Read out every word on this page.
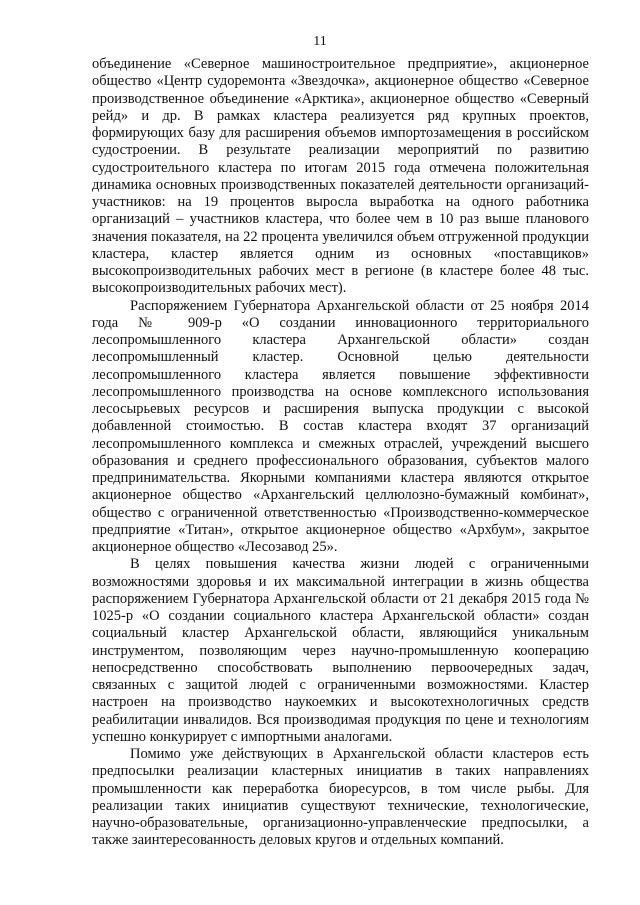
11

объединение «Северное машиностроительное предприятие», акционерное общество «Центр судоремонта «Звездочка», акционерное общество «Северное производственное объединение «Арктика», акционерное общество «Северный рейд» и др. В рамках кластера реализуется ряд крупных проектов, формирующих базу для расширения объемов импортозамещения в российском судостроении. В результате реализации мероприятий по развитию судостроительного кластера по итогам 2015 года отмечена положительная динамика основных производственных показателей деятельности организаций-участников: на 19 процентов выросла выработка на одного работника организаций – участников кластера, что более чем в 10 раз выше планового значения показателя, на 22 процента увеличился объем отгруженной продукции кластера, кластер является одним из основных «поставщиков» высокопроизводительных рабочих мест в регионе (в кластере более 48 тыс. высокопроизводительных рабочих мест).

Распоряжением Губернатора Архангельской области от 25 ноября 2014 года № 909-р «О создании инновационного территориального лесопромышленного кластера Архангельской области» создан лесопромышленный кластер. Основной целью деятельности лесопромышленного кластера является повышение эффективности лесопромышленного производства на основе комплексного использования лесосырьевых ресурсов и расширения выпуска продукции с высокой добавленной стоимостью. В состав кластера входят 37 организаций лесопромышленного комплекса и смежных отраслей, учреждений высшего образования и среднего профессионального образования, субъектов малого предпринимательства. Якорными компаниями кластера являются открытое акционерное общество «Архангельский целлюлозно-бумажный комбинат», общество с ограниченной ответственностью «Производственно-коммерческое предприятие «Титан», открытое акционерное общество «Архбум», закрытое акционерное общество «Лесозавод 25».

В целях повышения качества жизни людей с ограниченными возможностями здоровья и их максимальной интеграции в жизнь общества распоряжением Губернатора Архангельской области от 21 декабря 2015 года № 1025-р «О создании социального кластера Архангельской области» создан социальный кластер Архангельской области, являющийся уникальным инструментом, позволяющим через научно-промышленную кооперацию непосредственно способствовать выполнению первоочередных задач, связанных с защитой людей с ограниченными возможностями. Кластер настроен на производство наукоемких и высокотехнологичных средств реабилитации инвалидов. Вся производимая продукция по цене и технологиям успешно конкурирует с импортными аналогами.

Помимо уже действующих в Архангельской области кластеров есть предпосылки реализации кластерных инициатив в таких направлениях промышленности как переработка биоресурсов, в том числе рыбы. Для реализации таких инициатив существуют технические, технологические, научно-образовательные, организационно-управленческие предпосылки, а также заинтересованность деловых кругов и отдельных компаний.
